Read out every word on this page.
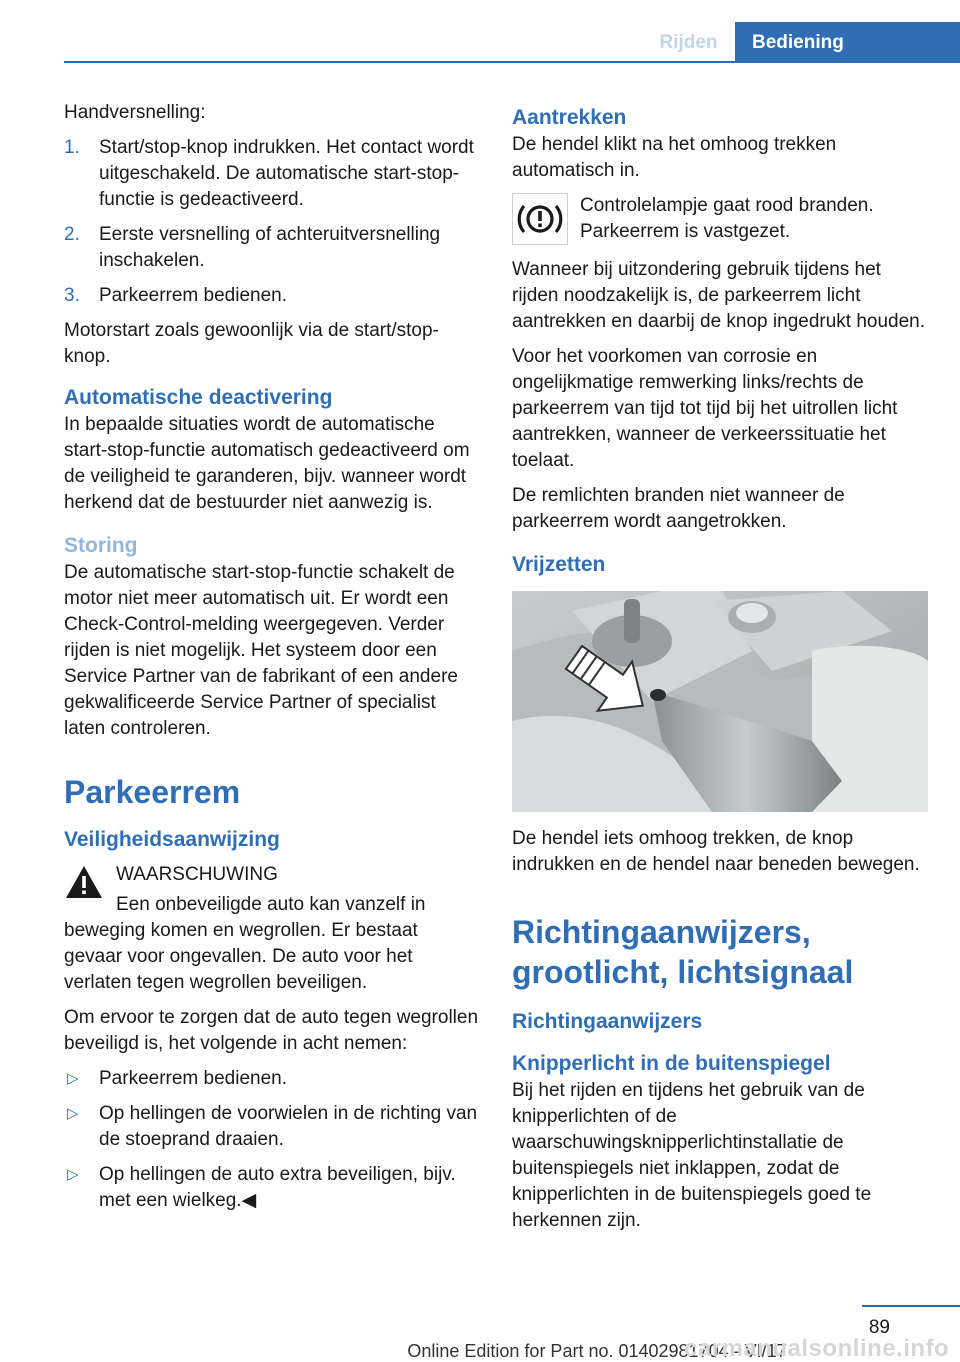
Rijden	Bediening

Handversnelling:

1. Start/stop-knop indrukken. Het contact wordt uitgeschakeld. De automatische start-stop-functie is gedeactiveerd.
2. Eerste versnelling of achteruitversnelling inschakelen.
3. Parkeerrem bedienen.

Motorstart zoals gewoonlijk via de start/stop-knop.

Automatische deactivering

In bepaalde situaties wordt de automatische start-stop-functie automatisch gedeactiveerd om de veiligheid te garanderen, bijv. wanneer wordt herkend dat de bestuurder niet aanwezig is.

Storing

De automatische start-stop-functie schakelt de motor niet meer automatisch uit. Er wordt een Check-Control-melding weergegeven. Verder rijden is niet mogelijk. Het systeem door een Service Partner van de fabrikant of een andere gekwalificeerde Service Partner of specialist laten controleren.

Parkeerrem
Veiligheidsaanwijzing
WAARSCHUWING

Een onbeveiligde auto kan vanzelf in beweging komen en wegrollen. Er bestaat gevaar voor ongevallen. De auto voor het verlaten tegen wegrollen beveiligen.

Om ervoor te zorgen dat de auto tegen wegrollen beveiligd is, het volgende in acht nemen:

▷ Parkeerrem bedienen.
▷ Op hellingen de voorwielen in de richting van de stoeprand draaien.
▷ Op hellingen de auto extra beveiligen, bijv. met een wielkeg.◀
Aantrekken

De hendel klikt na het omhoog trekken automatisch in.

Controlelampje gaat rood branden. Parkeerrem is vastgezet.

Wanneer bij uitzondering gebruik tijdens het rijden noodzakelijk is, de parkeerrem licht aantrekken en daarbij de knop ingedrukt houden.

Voor het voorkomen van corrosie en ongelijkmatige remwerking links/rechts de parkeerrem van tijd tot tijd bij het uitrollen licht aantrekken, wanneer de verkeerssituatie het toelaat.

De remlichten branden niet wanneer de parkeerrem wordt aangetrokken.

Vrijzetten

De hendel iets omhoog trekken, de knop indrukken en de hendel naar beneden bewegen.

Richtingaanwijzers, grootlicht, lichtsignaal
Richtingaanwijzers
Knipperlicht in de buitenspiegel

Bij het rijden en tijdens het gebruik van de knipperlichten of de waarschuwingsknipperlichtinstallatie de buitenspiegels niet inklappen, zodat de knipperlichten in de buitenspiegels goed te herkennen zijn.

89
Online Edition for Part no. 01402981704 - VI/17
carmanualsonline.info
